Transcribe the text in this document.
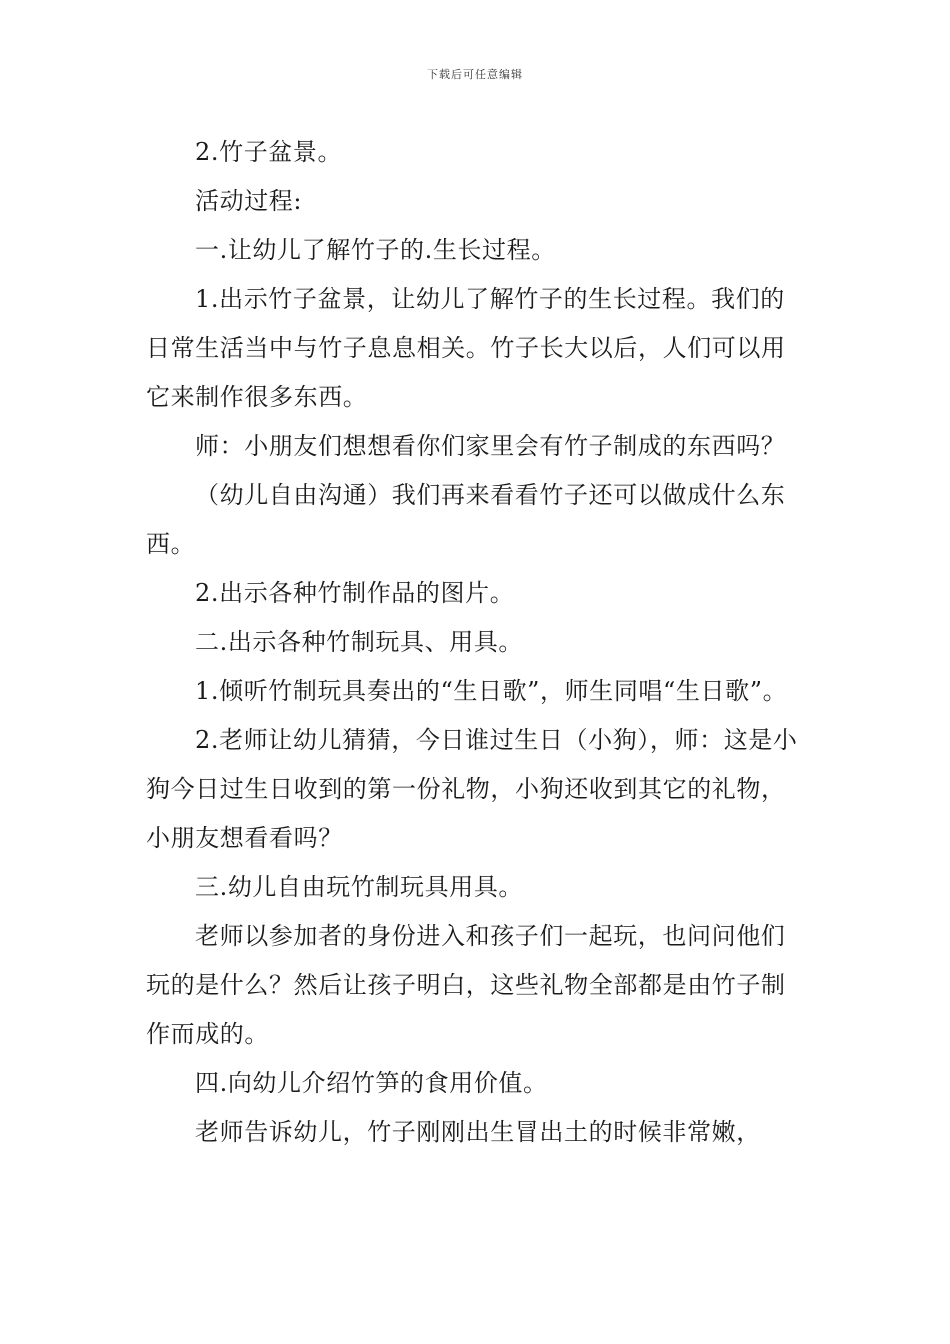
下载后可任意编辑

2.竹子盆景。

活动过程:

一.让幼儿了解竹子的.生长过程。

1.出示竹子盆景，让幼儿了解竹子的生长过程。我们的日常生活当中与竹子息息相关。竹子长大以后，人们可以用它来制作很多东西。

师：小朋友们想想看你们家里会有竹子制成的东西吗？

（幼儿自由沟通）我们再来看看竹子还可以做成什么东西。

2.出示各种竹制作品的图片。

二.出示各种竹制玩具、用具。

1.倾听竹制玩具奏出的“生日歌”，师生同唱“生日歌”。

2.老师让幼儿猜猜，今日谁过生日（小狗），师：这是小狗今日过生日收到的第一份礼物，小狗还收到其它的礼物，小朋友想看看吗？

三.幼儿自由玩竹制玩具用具。

老师以参加者的身份进入和孩子们一起玩，也问问他们玩的是什么？然后让孩子明白，这些礼物全部都是由竹子制作而成的。

四.向幼儿介绍竹笋的食用价值。

老师告诉幼儿，竹子刚刚出生冒出土的时候非常嫩，
